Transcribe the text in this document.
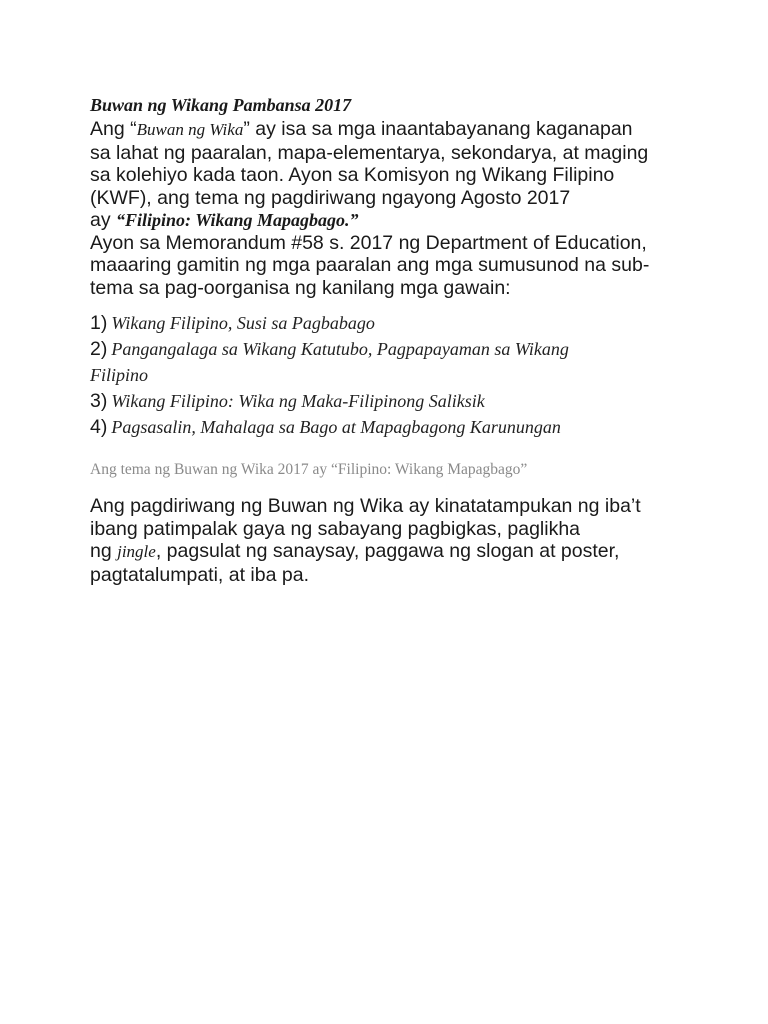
Buwan ng Wikang Pambansa 2017

Ang “Buwan ng Wika” ay isa sa mga inaantabayanang kaganapan
sa lahat ng paaralan, mapa-elementarya, sekondarya, at maging
sa kolehiyo kada taon. Ayon sa Komisyon ng Wikang Filipino
(KWF), ang tema ng pagdiriwang ngayong Agosto 2017
ay “Filipino: Wikang Mapagbago.”
Ayon sa Memorandum #58 s. 2017 ng Department of Education,
maaaring gamitin ng mga paaralan ang mga sumusunod na sub-
tema sa pag-oorganisa ng kanilang mga gawain:
1) Wikang Filipino, Susi sa Pagbabago
2) Pangangalaga sa Wikang Katutubo, Pagpapayaman sa Wikang
Filipino
3) Wikang Filipino: Wika ng Maka-Filipinong Saliksik
4) Pagsasalin, Mahalaga sa Bago at Mapagbagong Karunungan
Ang tema ng Buwan ng Wika 2017 ay “Filipino: Wikang Mapagbago”
Ang pagdiriwang ng Buwan ng Wika ay kinatatampukan ng iba’t
ibang patimpalak gaya ng sabayang pagbigkas, paglikha
ng jingle, pagsulat ng sanaysay, paggawa ng slogan at poster,
pagtatalumpati, at iba pa.
